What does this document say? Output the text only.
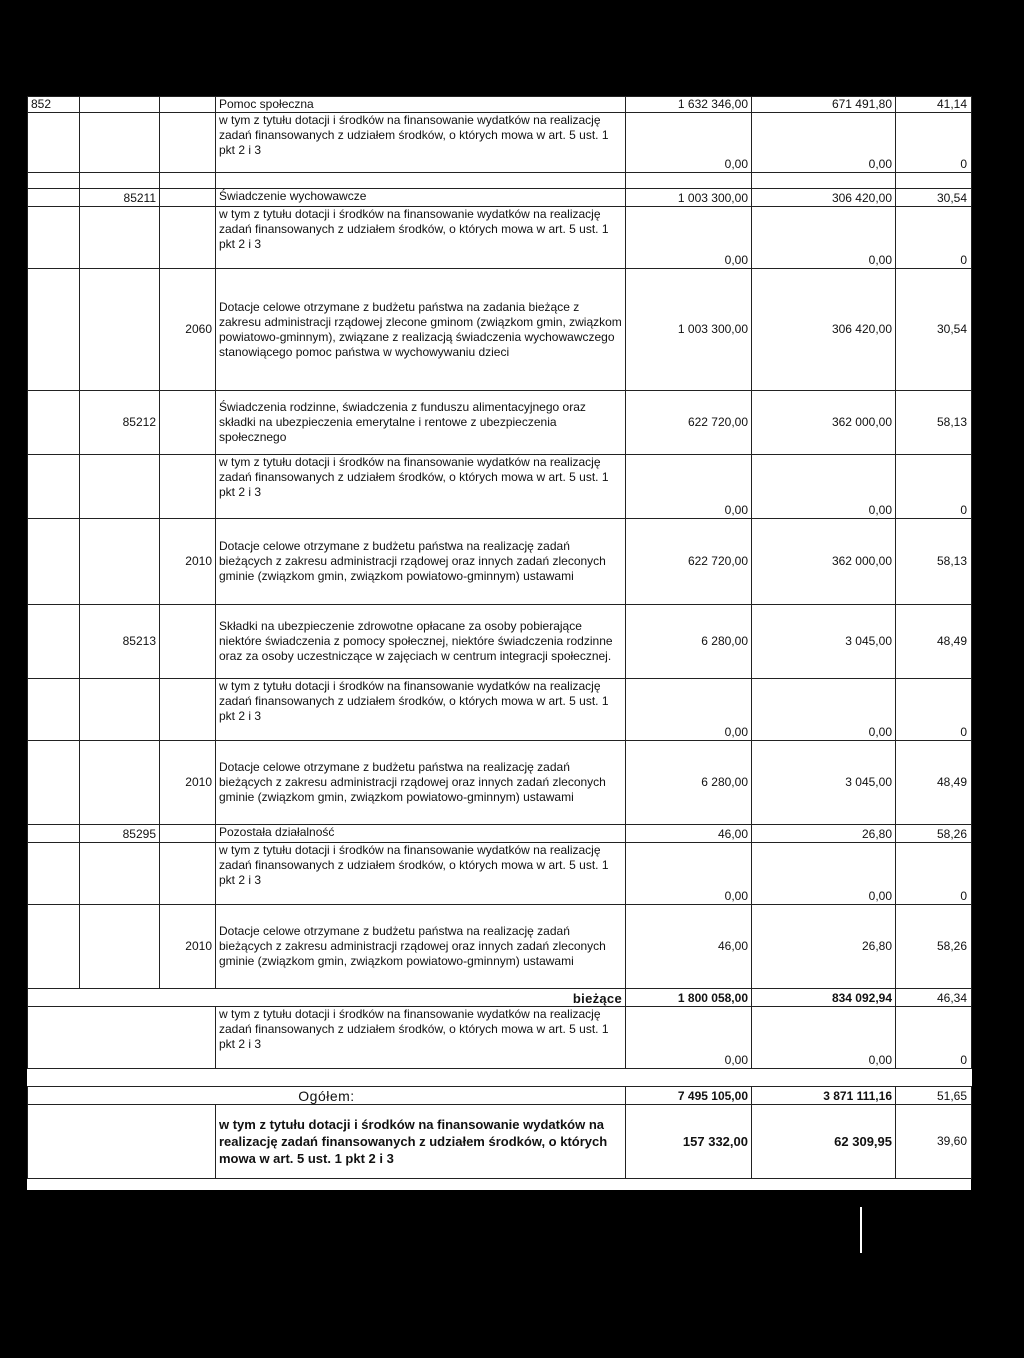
852			Pomoc społeczna	1 632 346,00	671 491,80	41,14
			w tym z tytułu dotacji i środków na finansowanie wydatków na realizację zadań finansowanych z udziałem środków, o których mowa w art. 5 ust. 1 pkt 2 i 3	0,00	0,00	0

	85211		Świadczenie wychowawcze	1 003 300,00	306 420,00	30,54
			w tym z tytułu dotacji i środków na finansowanie wydatków na realizację zadań finansowanych z udziałem środków, o których mowa w art. 5 ust. 1 pkt 2 i 3	0,00	0,00	0
		2060	Dotacje celowe otrzymane z budżetu państwa na zadania bieżące z zakresu administracji rządowej zlecone gminom (związkom gmin, związkom powiatowo-gminnym), związane z realizacją świadczenia wychowawczego stanowiącego pomoc państwa w wychowywaniu dzieci	1 003 300,00	306 420,00	30,54
	85212		Świadczenia rodzinne, świadczenia z funduszu alimentacyjnego oraz składki na ubezpieczenia emerytalne i rentowe z ubezpieczenia społecznego	622 720,00	362 000,00	58,13
			w tym z tytułu dotacji i środków na finansowanie wydatków na realizację zadań finansowanych z udziałem środków, o których mowa w art. 5 ust. 1 pkt 2 i 3	0,00	0,00	0
		2010	Dotacje celowe otrzymane z budżetu państwa na realizację zadań bieżących z zakresu administracji rządowej oraz innych zadań zleconych gminie (związkom gmin, związkom powiatowo-gminnym) ustawami	622 720,00	362 000,00	58,13
	85213		Składki na ubezpieczenie zdrowotne opłacane za osoby pobierające niektóre świadczenia z pomocy społecznej, niektóre świadczenia rodzinne oraz za osoby uczestniczące w zajęciach w centrum integracji społecznej.	6 280,00	3 045,00	48,49
			w tym z tytułu dotacji i środków na finansowanie wydatków na realizację zadań finansowanych z udziałem środków, o których mowa w art. 5 ust. 1 pkt 2 i 3	0,00	0,00	0
		2010	Dotacje celowe otrzymane z budżetu państwa na realizację zadań bieżących z zakresu administracji rządowej oraz innych zadań zleconych gminie (związkom gmin, związkom powiatowo-gminnym) ustawami	6 280,00	3 045,00	48,49
	85295		Pozostała działalność	46,00	26,80	58,26
			w tym z tytułu dotacji i środków na finansowanie wydatków na realizację zadań finansowanych z udziałem środków, o których mowa w art. 5 ust. 1 pkt 2 i 3	0,00	0,00	0
		2010	Dotacje celowe otrzymane z budżetu państwa na realizację zadań bieżących z zakresu administracji rządowej oraz innych zadań zleconych gminie (związkom gmin, związkom powiatowo-gminnym) ustawami	46,00	26,80	58,26
bieżące				1 800 058,00	834 092,94	46,34
			w tym z tytułu dotacji i środków na finansowanie wydatków na realizację zadań finansowanych z udziałem środków, o których mowa w art. 5 ust. 1 pkt 2 i 3	0,00	0,00	0

Ogółem:				7 495 105,00	3 871 111,16	51,65
			w tym z tytułu dotacji i środków na finansowanie wydatków na realizację zadań finansowanych z udziałem środków, o których mowa w art. 5 ust. 1 pkt 2 i 3	157 332,00	62 309,95	39,60
